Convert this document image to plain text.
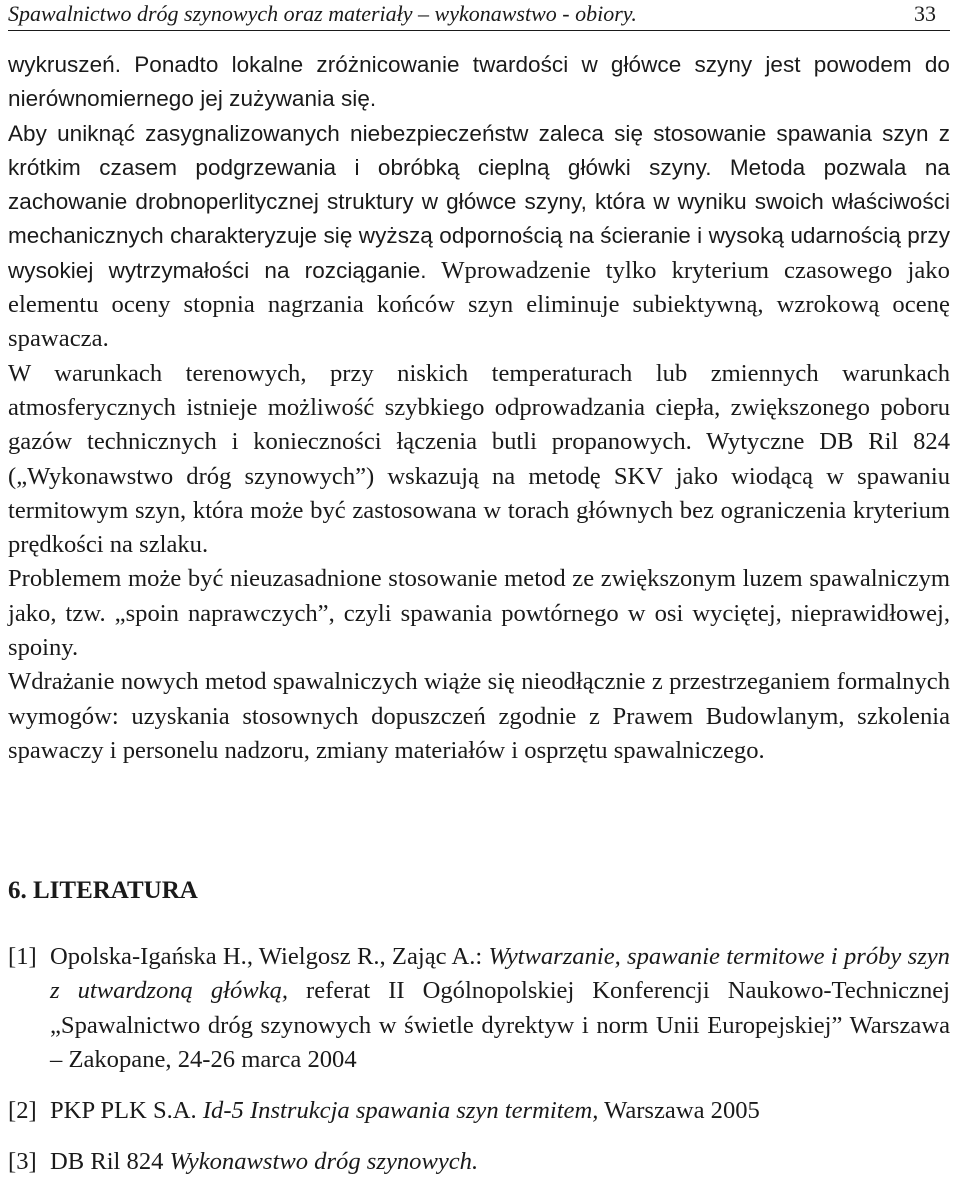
Spawalnictwo dróg szynowych oraz materiały – wykonawstwo - obiory.	33

wykruszeń. Ponadto lokalne zróżnicowanie twardości w główce szyny jest powodem do nierównomiernego jej zużywania się.

Aby uniknąć zasygnalizowanych niebezpieczeństw zaleca się stosowanie spawania szyn z krótkim czasem podgrzewania i obróbką cieplną główki szyny. Metoda pozwala na zachowanie drobnoperlitycznej struktury w główce szyny, która w wyniku swoich właściwości mechanicznych charakteryzuje się wyższą odpornością na ścieranie i wysoką udarnością przy wysokiej wytrzymałości na rozciąganie. Wprowadzenie tylko kryterium czasowego jako elementu oceny stopnia nagrzania końców szyn eliminuje subiektywną, wzrokową ocenę spawacza.

W warunkach terenowych, przy niskich temperaturach lub zmiennych warunkach atmosferycznych istnieje możliwość szybkiego odprowadzania ciepła, zwiększonego poboru gazów technicznych i konieczności łączenia butli propanowych. Wytyczne DB Ril 824 („Wykonawstwo dróg szynowych”) wskazują na metodę SKV jako wiodącą w spawaniu termitowym szyn, która może być zastosowana w torach głównych bez ograniczenia kryterium prędkości na szlaku.

Problemem może być nieuzasadnione stosowanie metod ze zwiększonym luzem spawalniczym jako, tzw. „spoin naprawczych”, czyli spawania powtórnego w osi wyciętej, nieprawidłowej, spoiny.

Wdrażanie nowych metod spawalniczych wiąże się nieodłącznie z przestrzeganiem formalnych wymogów: uzyskania stosownych dopuszczeń zgodnie z Prawem Budowlanym, szkolenia spawaczy i personelu nadzoru, zmiany materiałów i osprzętu spawalniczego.

6. LITERATURA

[1] Opolska-Igańska H., Wielgosz R., Zając A.: Wytwarzanie, spawanie termitowe i próby szyn z utwardzoną główką, referat II Ogólnopolskiej Konferencji Naukowo-Technicznej „Spawalnictwo dróg szynowych w świetle dyrektyw i norm Unii Europejskiej” Warszawa – Zakopane, 24-26 marca 2004

[2] PKP PLK S.A. Id-5 Instrukcja spawania szyn termitem, Warszawa 2005

[3] DB Ril 824 Wykonawstwo dróg szynowych.
